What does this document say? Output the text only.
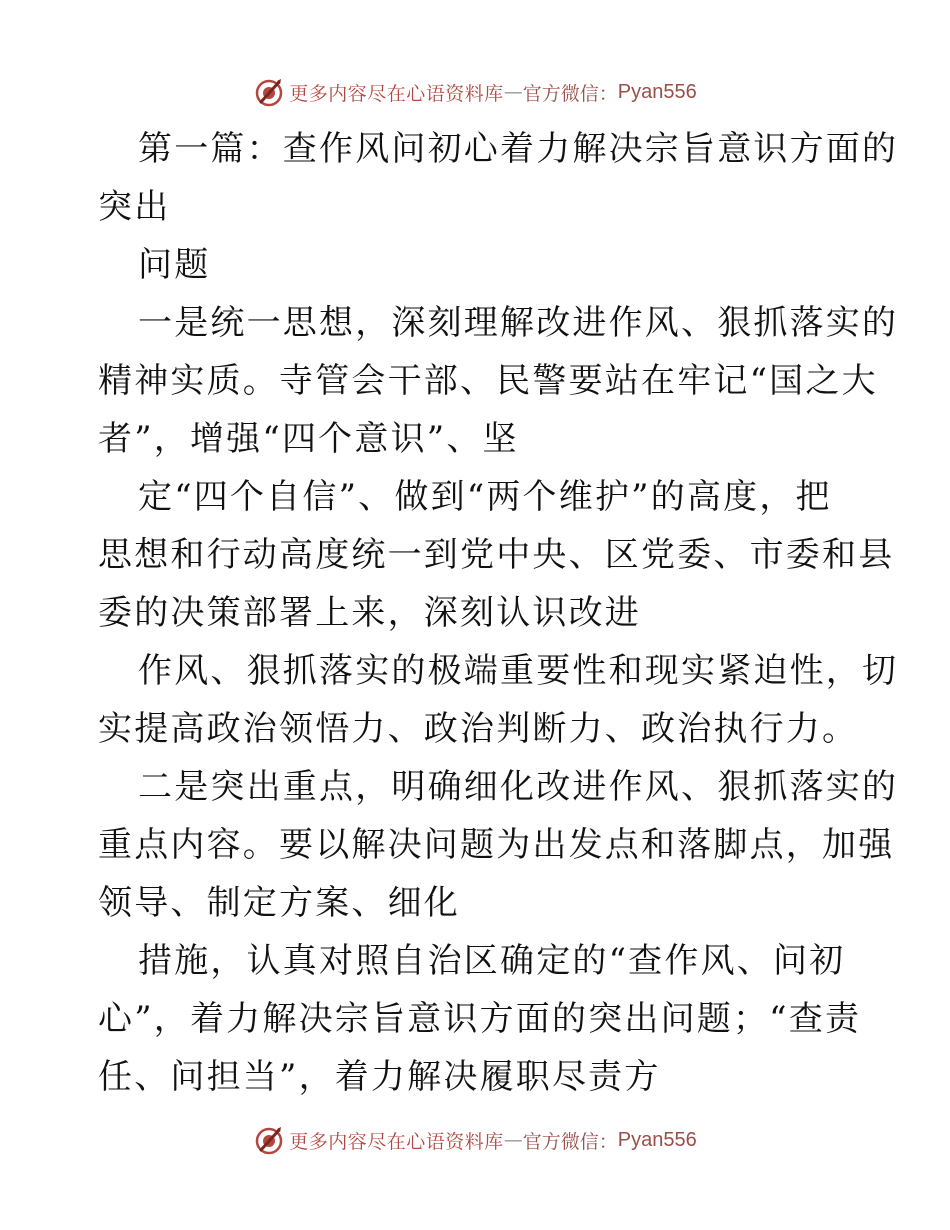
更多内容尽在心语资料库 — 官方微信： Pyan556
第一篇：查作风问初心着力解决宗旨意识方面的
突出
问题
一是统一思想，深刻理解改进作风、狠抓落实的
精神实质。寺管会干部、民警要站在牢记“国之大
者”，增强“四个意识”、坚
定“四个自信”、做到“两个维护”的高度，把
思想和行动高度统一到党中央、区党委、市委和县
委的决策部署上来，深刻认识改进
作风、狠抓落实的极端重要性和现实紧迫性，切
实提高政治领悟力、政治判断力、政治执行力。
二是突出重点，明确细化改进作风、狠抓落实的
重点内容。要以解决问题为出发点和落脚点，加强
领导、制定方案、细化
措施，认真对照自治区确定的“查作风、问初
心”，着力解决宗旨意识方面的突出问题；“查责
任、问担当”，着力解决履职尽责方
更多内容尽在心语资料库 — 官方微信： Pyan556
